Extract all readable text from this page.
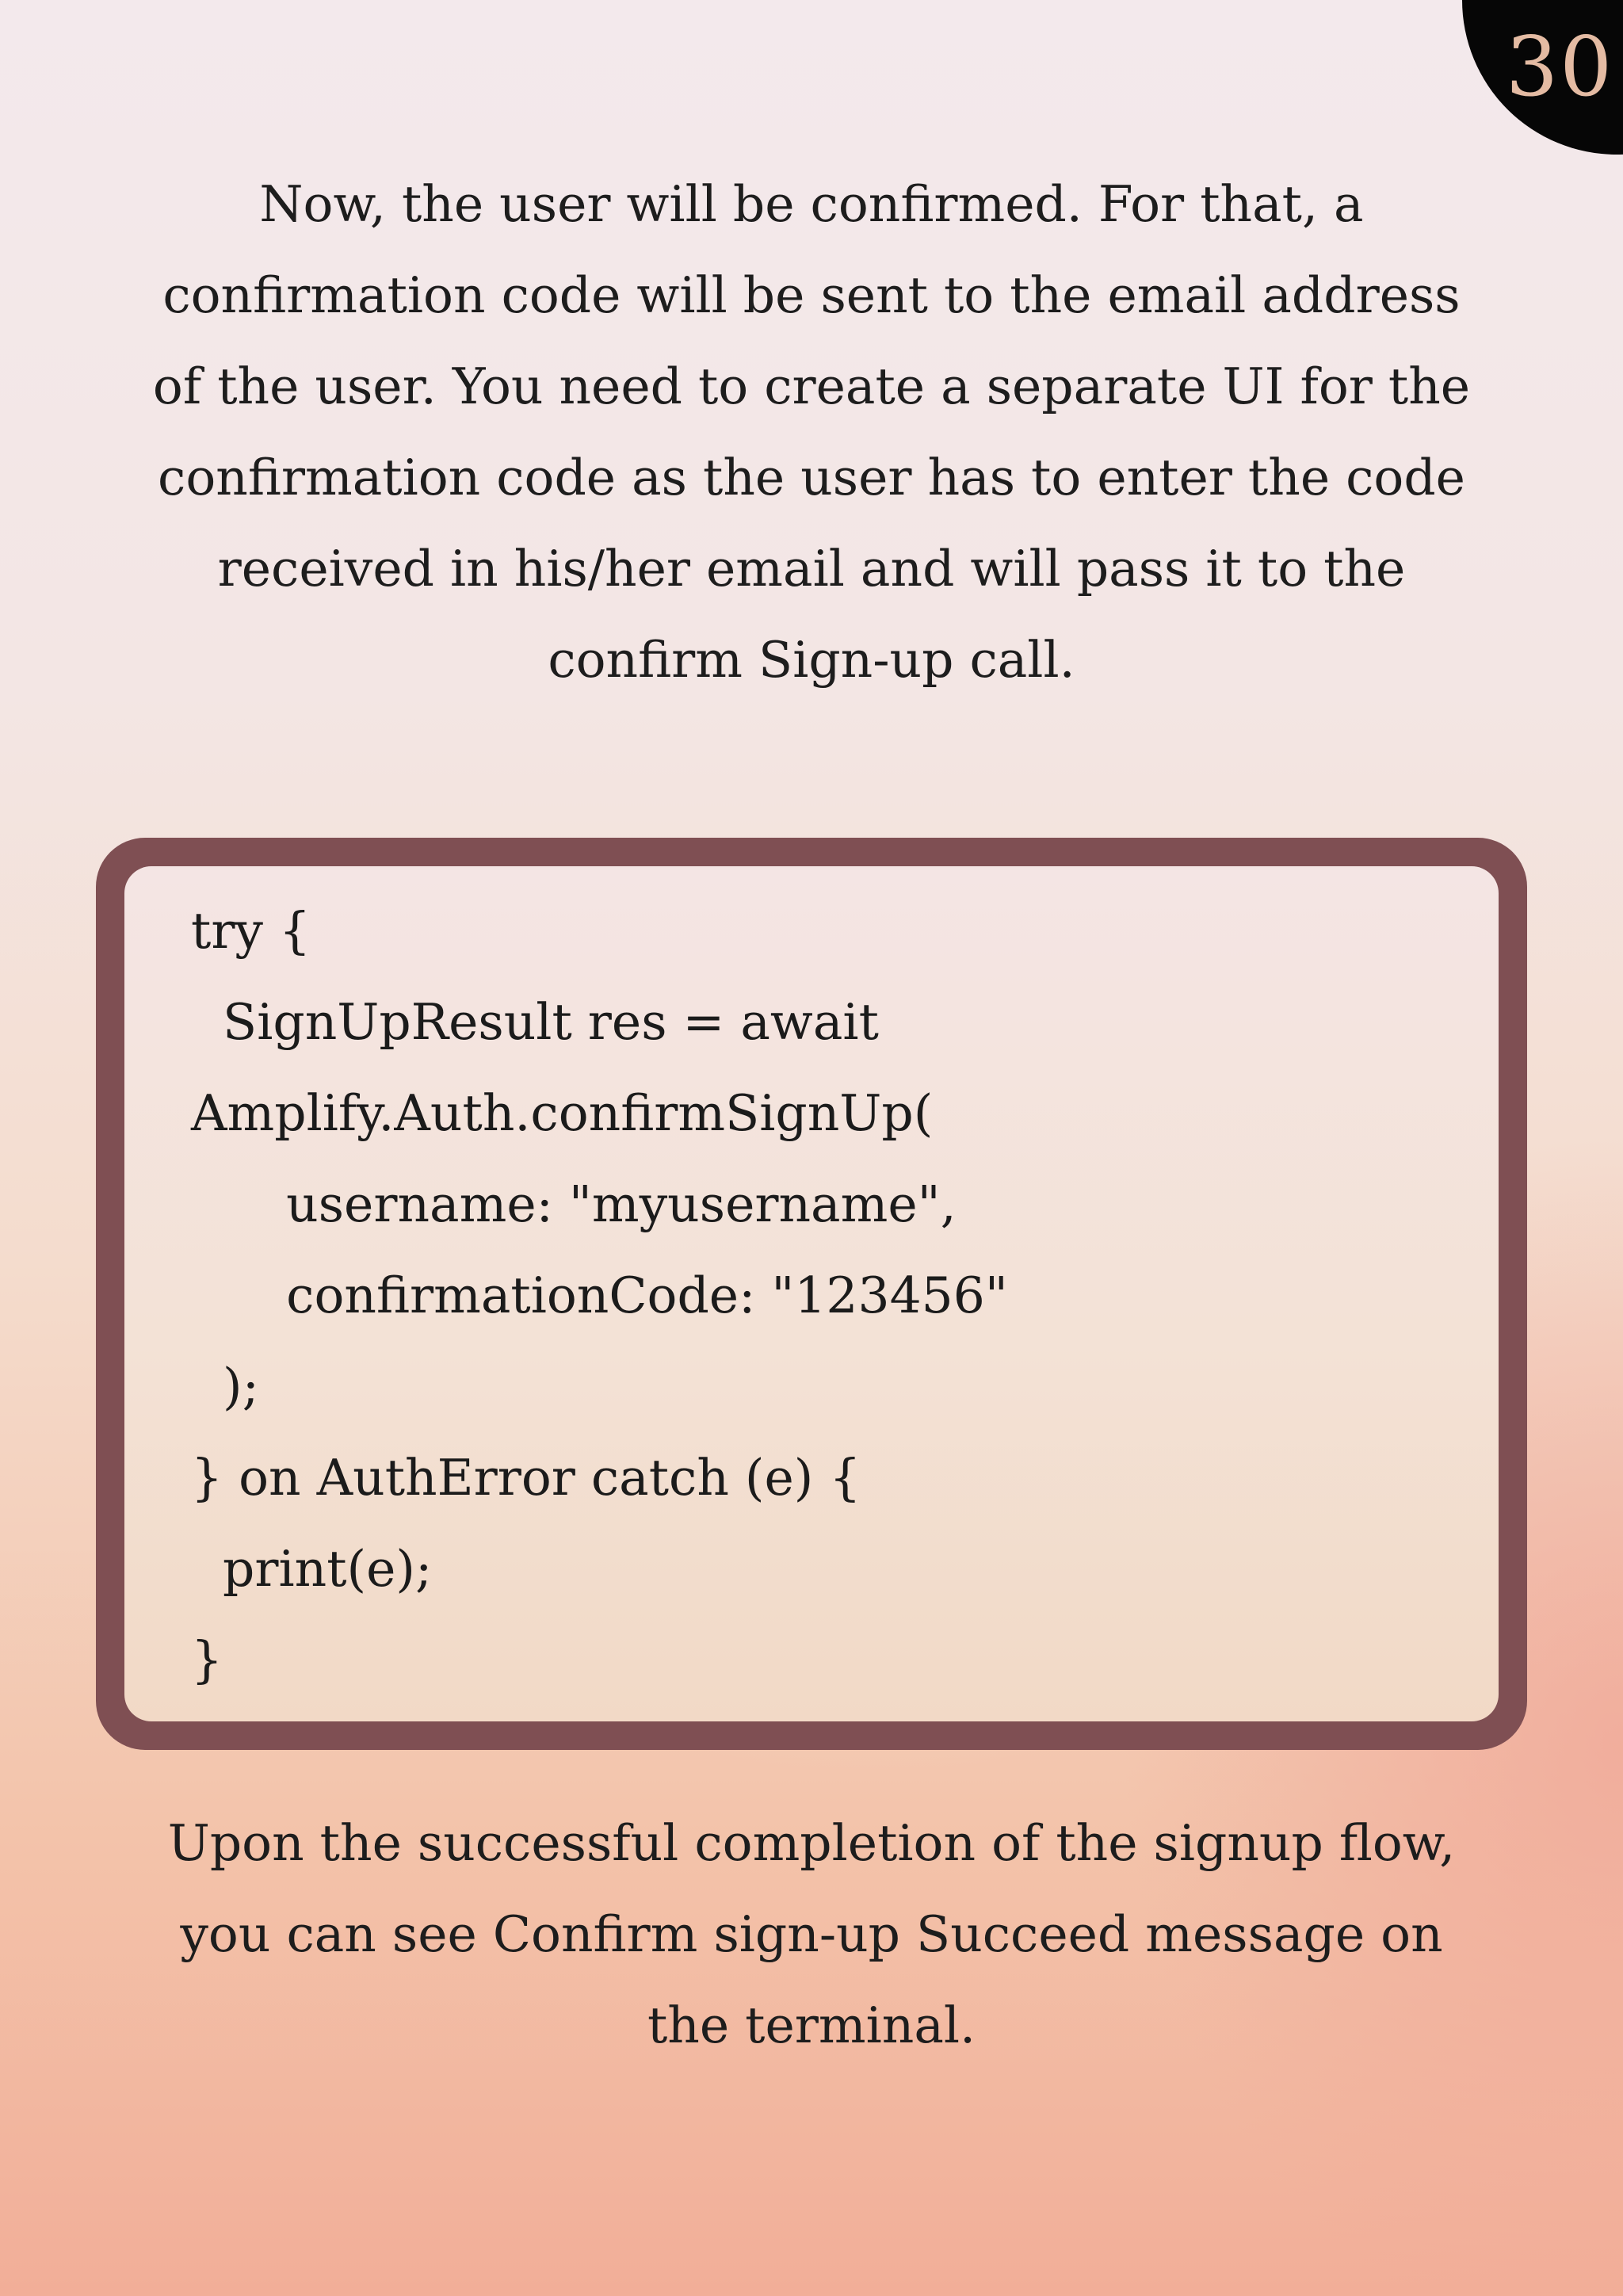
30

Now, the user will be confirmed. For that, a confirmation code will be sent to the email address of the user. You need to create a separate UI for the confirmation code as the user has to enter the code received in his/her email and will pass it to the confirm Sign-up call.

try {
SignUpResult res = await
Amplify.Auth.confirmSignUp(
username: "myusername",
confirmationCode: "123456"
);
} on AuthError catch (e) {
print(e);
}

Upon the successful completion of the signup flow, you can see Confirm sign-up Succeed message on the terminal.
